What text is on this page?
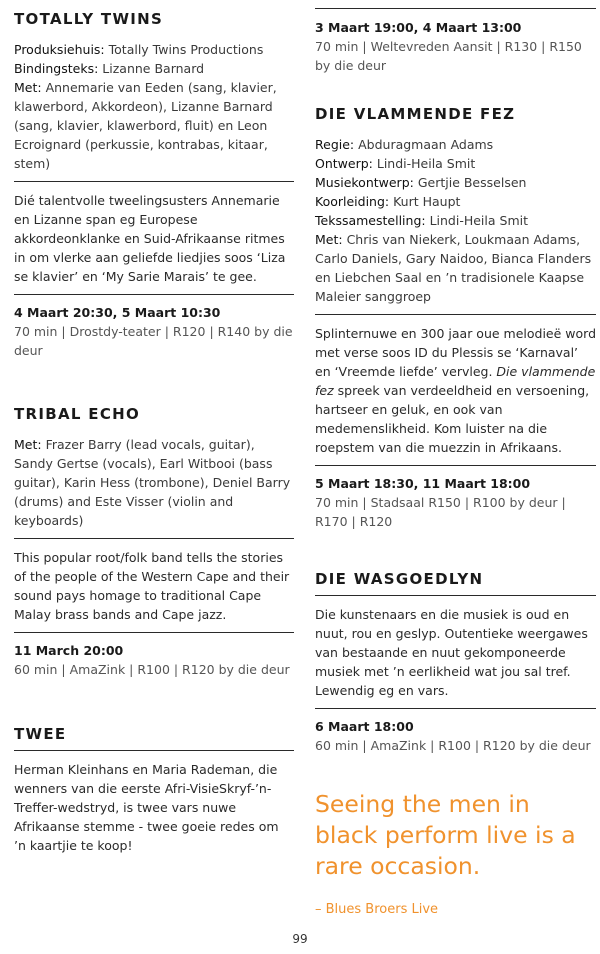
TOTALLY TWINS
Produksiehuis: Totally Twins Productions
Bindingsteks: Lizanne Barnard
Met: Annemarie van Eeden (sang, klavier, klawerbord, Akkordeon), Lizanne Barnard (sang, klavier, klawerbord, fluit) en Leon Ecroignard (perkussie, kontrabas, kitaar, stem)
Dié talentvolle tweelingsusters Annemarie en Lizanne span eg Europese akkordeonklanke en Suid-Afrikaanse ritmes in om vlerke aan geliefde liedjies soos ‘Liza se klavier’ en ‘My Sarie Marais’ te gee.
4 Maart 20:30, 5 Maart 10:30
70 min | Drostdy-teater | R120 | R140 by die deur
TRIBAL ECHO
Met: Frazer Barry (lead vocals, guitar), Sandy Gertse (vocals), Earl Witbooi (bass guitar), Karin Hess (trombone), Deniel Barry (drums) and Este Visser (violin and keyboards)
This popular root/folk band tells the stories of the people of the Western Cape and their sound pays homage to traditional Cape Malay brass bands and Cape jazz.
11 March 20:00
60 min | AmaZink | R100 | R120 by die deur
TWEE
Herman Kleinhans en Maria Rademan, die wenners van die eerste Afri-VisieSkryf-’n-Treffer-wedstryd, is twee vars nuwe Afrikaanse stemme - twee goeie redes om ’n kaartjie te koop!
3 Maart 19:00, 4 Maart 13:00
70 min | Weltevreden Aansit | R130 | R150 by die deur
DIE VLAMMENDE FEZ
Regie: Abduragmaan Adams
Ontwerp: Lindi-Heila Smit
Musiekontwerp: Gertjie Besselsen
Koorleiding: Kurt Haupt
Tekssamestelling: Lindi-Heila Smit
Met: Chris van Niekerk, Loukmaan Adams, Carlo Daniels, Gary Naidoo, Bianca Flanders en Liebchen Saal en ’n tradisionele Kaapse Maleier sanggroep
Splinternuwe en 300 jaar oue melodieë word met verse soos ID du Plessis se ‘Karnaval’ en ‘Vreemde liefde’ vervleg. Die vlammende fez spreek van verdeeldheid en versoening, hartseer en geluk, en ook van medemenslikheid. Kom luister na die roepstem van die muezzin in Afrikaans.
5 Maart 18:30, 11 Maart 18:00
70 min | Stadsaal R150 | R100 by deur | R170 | R120
DIE WASGOEDLYN
Die kunstenaars en die musiek is oud en nuut, rou en geslyp. Outentieke weergawes van bestaande en nuut gekomponeerde musiek met ’n eerlikheid wat jou sal tref. Lewendig eg en vars.
6 Maart 18:00
60 min | AmaZink | R100 | R120 by die deur
Seeing the men in black perform live is a rare occasion.
– Blues Broers Live
99
